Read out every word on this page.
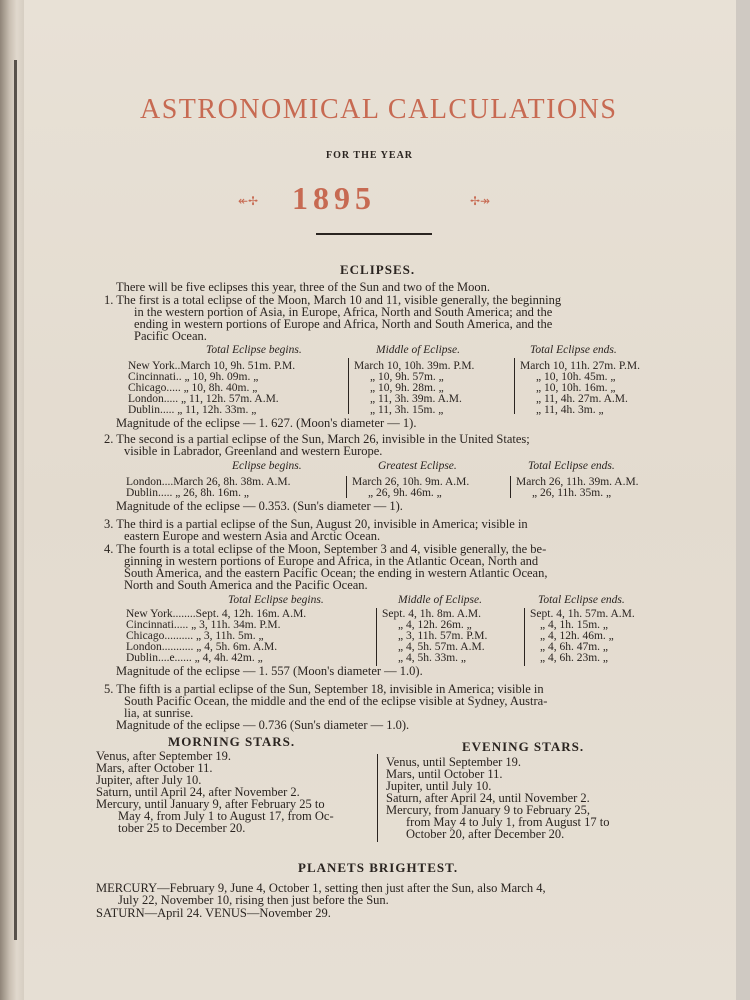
ASTRONOMICAL CALCULATIONS
FOR THE YEAR
↞✢ 1895	✢↠
ECLIPSES.
There will be five eclipses this year, three of the Sun and two of the Moon.
1. The first is a total eclipse of the Moon, March 10 and 11, visible generally, the beginning
in the western portion of Asia, in Europe, Africa, North and South America; and the
ending in western portions of Europe and Africa, North and South America, and the
Pacific Ocean.
Total Eclipse begins.	Middle of Eclipse.	Total Eclipse ends.
New York..March 10, 9h. 51m. P.M.	March 10, 10h. 39m. P.M.	March 10, 11h. 27m. P.M.
Cincinnati.. „ 10, 9h. 09m. „	„ 10, 9h. 57m. „	„ 10, 10h. 45m. „
Chicago..... „ 10, 8h. 40m. „	„ 10, 9h. 28m. „	„ 10, 10h. 16m. „
London..... „ 11, 12h. 57m. A.M.	„ 11, 3h. 39m. A.M.	„ 11, 4h. 27m. A.M.
Dublin..... „ 11, 12h. 33m. „	„ 11, 3h. 15m. „	„ 11, 4h. 3m. „
Magnitude of the eclipse — 1. 627. (Moon's diameter — 1).
2. The second is a partial eclipse of the Sun, March 26, invisible in the United States;
visible in Labrador, Greenland and western Europe.
Eclipse begins.	Greatest Eclipse.	Total Eclipse ends.
London....March 26, 8h. 38m. A.M.	March 26, 10h. 9m. A.M.	March 26, 11h. 39m. A.M.
Dublin..... „ 26, 8h. 16m. „	„ 26, 9h. 46m. „	„ 26, 11h. 35m. „
Magnitude of the eclipse — 0.353. (Sun's diameter — 1).
3. The third is a partial eclipse of the Sun, August 20, invisible in America; visible in
eastern Europe and western Asia and Arctic Ocean.
4. The fourth is a total eclipse of the Moon, September 3 and 4, visible generally, the be-
ginning in western portions of Europe and Africa, in the Atlantic Ocean, North and
South America, and the eastern Pacific Ocean; the ending in western Atlantic Ocean,
North and South America and the Pacific Ocean.
Total Eclipse begins.	Middle of Eclipse.	Total Eclipse ends.
New York........Sept. 4, 12h. 16m. A.M.	Sept. 4, 1h. 8m. A.M.	Sept. 4, 1h. 57m. A.M.
Cincinnati..... „ 3, 11h. 34m. P.M.	„ 4, 12h. 26m. „	„ 4, 1h. 15m. „
Chicago.......... „ 3, 11h. 5m. „	„ 3, 11h. 57m. P.M.	„ 4, 12h. 46m. „
London........... „ 4, 5h. 6m. A.M.	„ 4, 5h. 57m. A.M.	„ 4, 6h. 47m. „
Dublin....e...... „ 4, 4h. 42m. „	„ 4, 5h. 33m. „	„ 4, 6h. 23m. „
Magnitude of the eclipse — 1. 557 (Moon's diameter — 1.0).
5. The fifth is a partial eclipse of the Sun, September 18, invisible in America; visible in
South Pacific Ocean, the middle and the end of the eclipse visible at Sydney, Austra-
lia, at sunrise.
Magnitude of the eclipse — 0.736 (Sun's diameter — 1.0).
MORNING STARS.	EVENING STARS.
Venus, after September 19.
Mars, after October 11.
Jupiter, after July 10.
Saturn, until April 24, after November 2.
Mercury, until January 9, after February 25 to
May 4, from July 1 to August 17, from Oc-
tober 25 to December 20.
Venus, until September 19.
Mars, until October 11.
Jupiter, until July 10.
Saturn, after April 24, until November 2.
Mercury, from January 9 to February 25,
from May 4 to July 1, from August 17 to
October 20, after December 20.
PLANETS BRIGHTEST.
MERCURY—February 9, June 4, October 1, setting then just after the Sun, also March 4,
July 22, November 10, rising then just before the Sun.
SATURN—April 24. VENUS—November 29.
